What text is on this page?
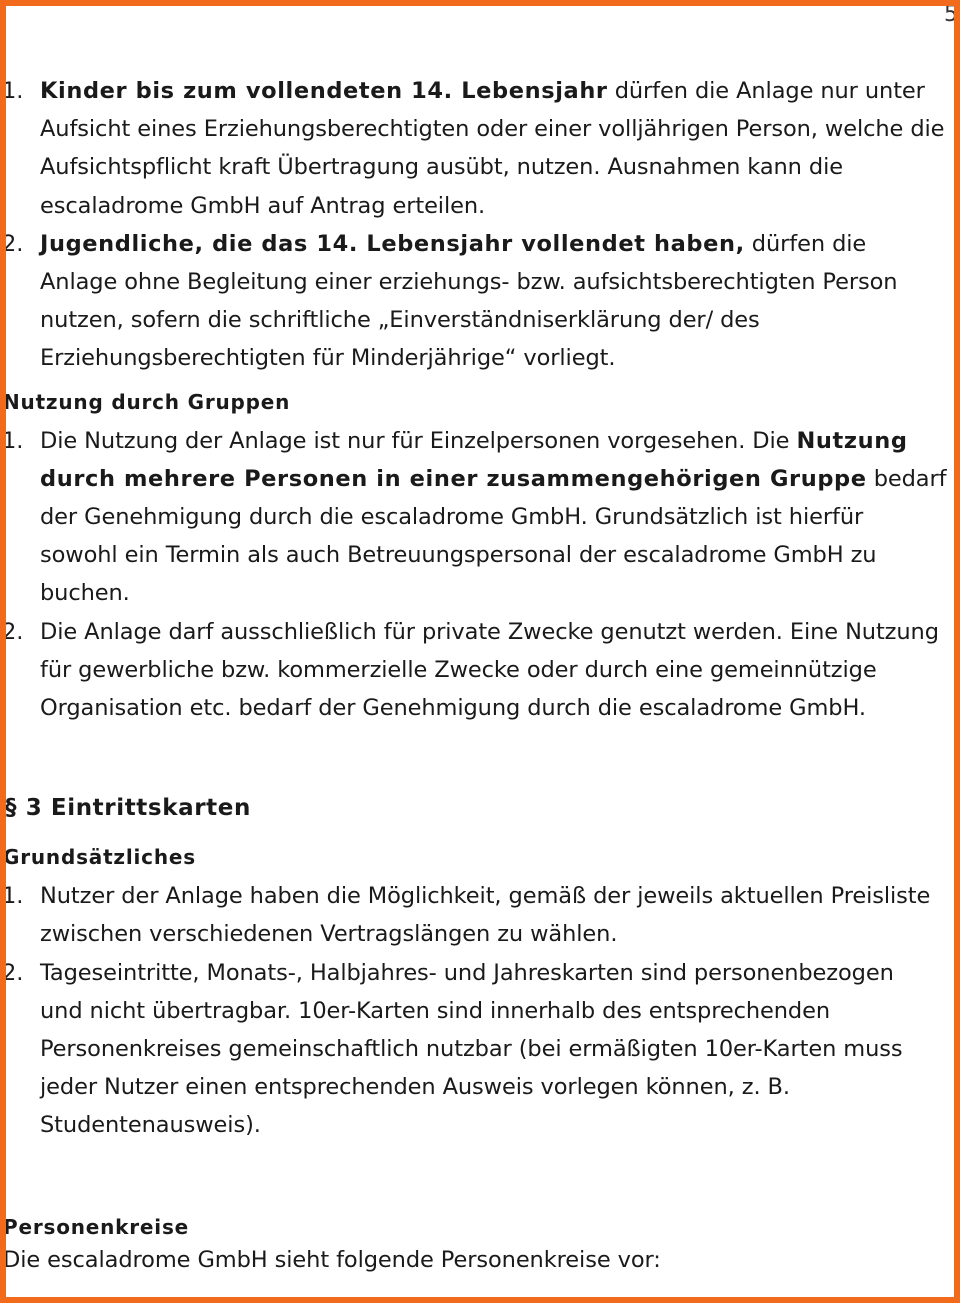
5
1. Kinder bis zum vollendeten 14. Lebensjahr dürfen die Anlage nur unter
Aufsicht eines Erziehungsberechtigten oder einer volljährigen Person, welche die
Aufsichtspflicht kraft Übertragung ausübt, nutzen. Ausnahmen kann die
escaladrome GmbH auf Antrag erteilen.
2. Jugendliche, die das 14. Lebensjahr vollendet haben, dürfen die
Anlage ohne Begleitung einer erziehungs- bzw. aufsichtsberechtigten Person
nutzen, sofern die schriftliche „Einverständniserklärung der/ des
Erziehungsberechtigten für Minderjährige“ vorliegt.
Nutzung durch Gruppen
1. Die Nutzung der Anlage ist nur für Einzelpersonen vorgesehen. Die Nutzung
durch mehrere Personen in einer zusammengehörigen Gruppe bedarf
der Genehmigung durch die escaladrome GmbH. Grundsätzlich ist hierfür
sowohl ein Termin als auch Betreuungspersonal der escaladrome GmbH zu
buchen.
2. Die Anlage darf ausschließlich für private Zwecke genutzt werden. Eine Nutzung
für gewerbliche bzw. kommerzielle Zwecke oder durch eine gemeinnützige
Organisation etc. bedarf der Genehmigung durch die escaladrome GmbH.
§ 3 Eintrittskarten
Grundsätzliches
1. Nutzer der Anlage haben die Möglichkeit, gemäß der jeweils aktuellen Preisliste
zwischen verschiedenen Vertragslängen zu wählen.
2. Tageseintritte, Monats-, Halbjahres- und Jahreskarten sind personenbezogen
und nicht übertragbar. 10er-Karten sind innerhalb des entsprechenden
Personenkreises gemeinschaftlich nutzbar (bei ermäßigten 10er-Karten muss
jeder Nutzer einen entsprechenden Ausweis vorlegen können, z. B.
Studentenausweis).
Personenkreise
Die escaladrome GmbH sieht folgende Personenkreise vor:
